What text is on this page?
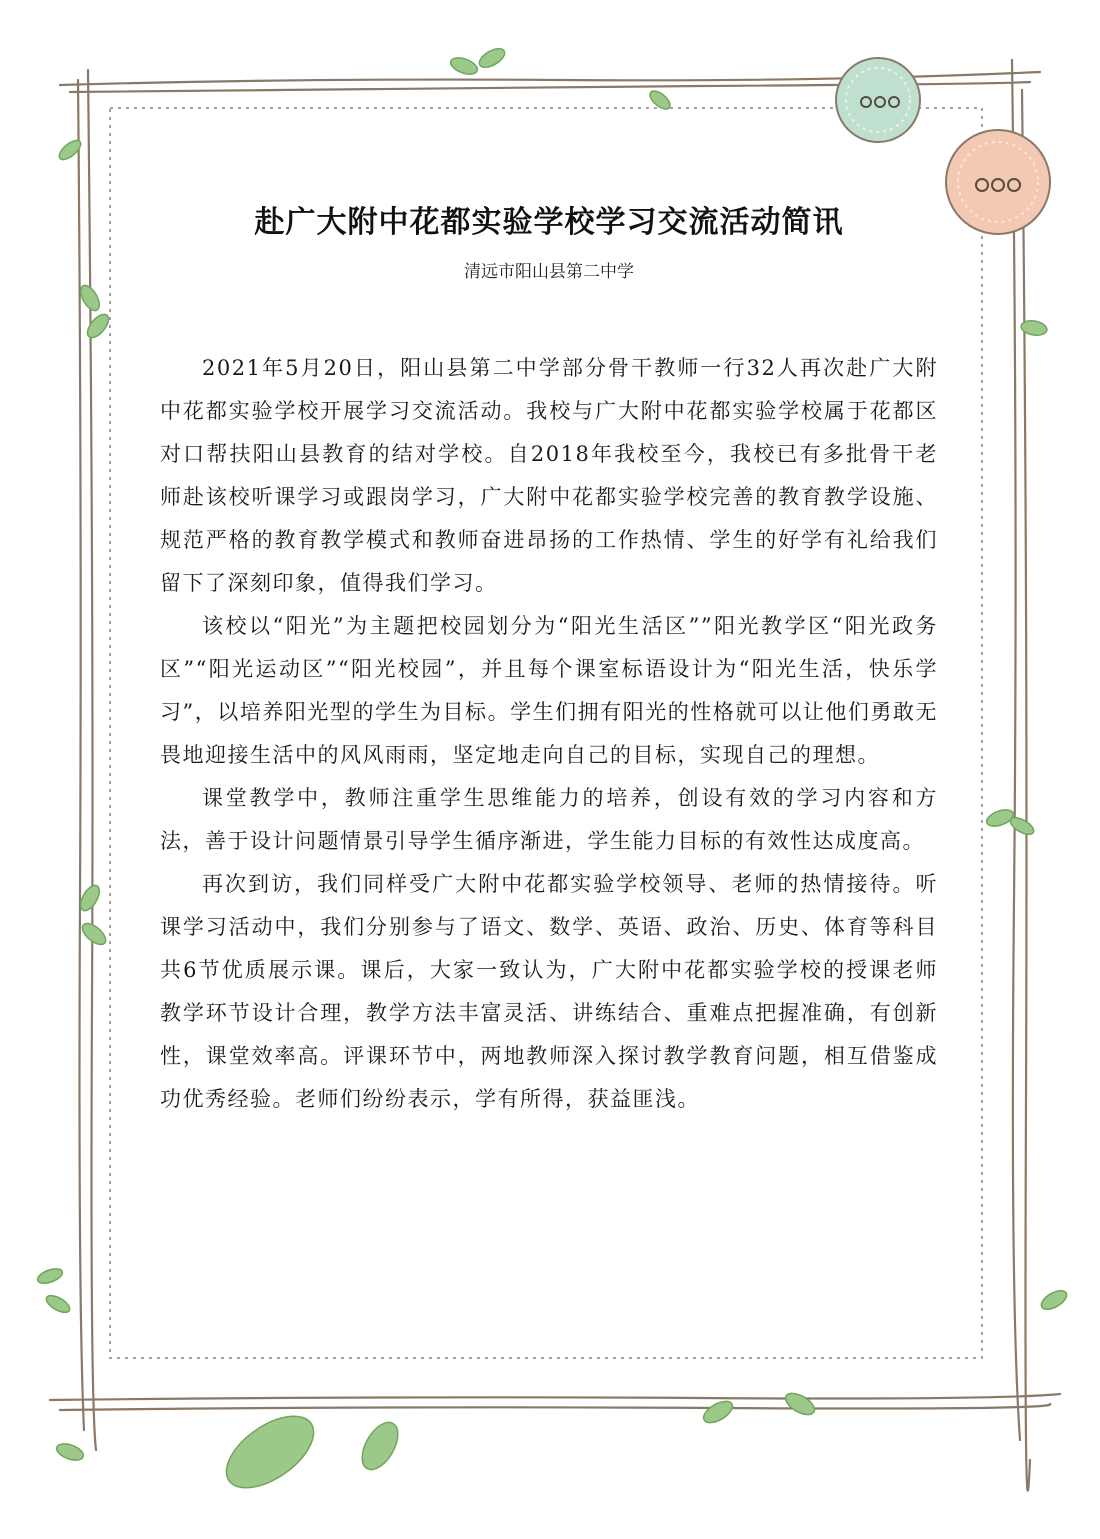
赴广大附中花都实验学校学习交流活动简讯
清远市阳山县第二中学

2021年5月20日，阳山县第二中学部分骨干教师一行32人再次赴广大附中花都实验学校开展学习交流活动。我校与广大附中花都实验学校属于花都区对口帮扶阳山县教育的结对学校。自2018年我校至今，我校已有多批骨干老师赴该校听课学习或跟岗学习，广大附中花都实验学校完善的教育教学设施、规范严格的教育教学模式和教师奋进昂扬的工作热情、学生的好学有礼给我们留下了深刻印象，值得我们学习。

该校以“阳光”为主题把校园划分为“阳光生活区””阳光教学区“阳光政务区”“阳光运动区”“阳光校园”，并且每个课室标语设计为“阳光生活，快乐学习”，以培养阳光型的学生为目标。学生们拥有阳光的性格就可以让他们勇敢无畏地迎接生活中的风风雨雨，坚定地走向自己的目标，实现自己的理想。

课堂教学中，教师注重学生思维能力的培养，创设有效的学习内容和方法，善于设计问题情景引导学生循序渐进，学生能力目标的有效性达成度高。

再次到访，我们同样受广大附中花都实验学校领导、老师的热情接待。听课学习活动中，我们分别参与了语文、数学、英语、政治、历史、体育等科目共6节优质展示课。课后，大家一致认为，广大附中花都实验学校的授课老师教学环节设计合理，教学方法丰富灵活、讲练结合、重难点把握准确，有创新性，课堂效率高。评课环节中，两地教师深入探讨教学教育问题，相互借鉴成功优秀经验。老师们纷纷表示，学有所得，获益匪浅。
